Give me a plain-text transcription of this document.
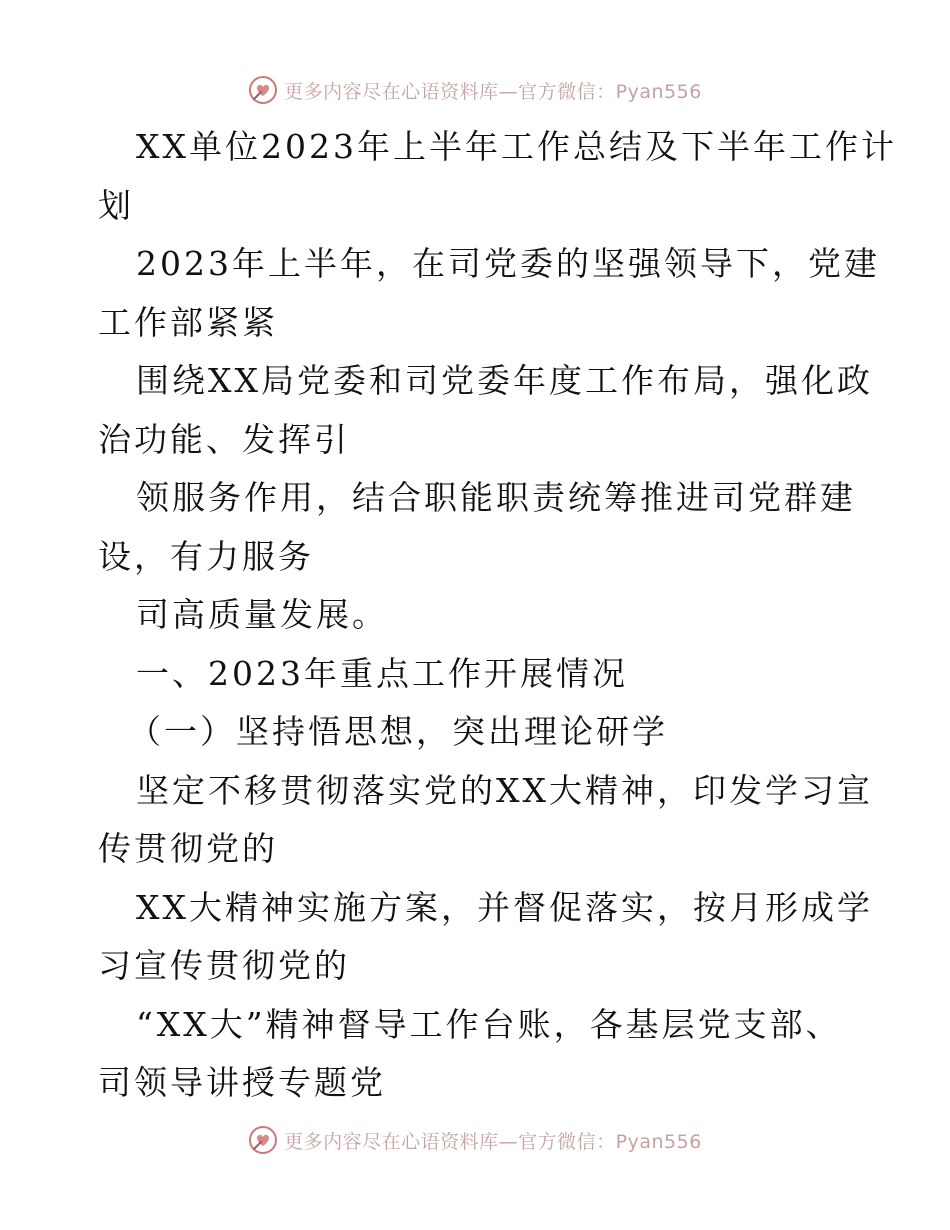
更多内容尽在心语资料库—官方微信：Pyan556
XX单位2023年上半年工作总结及下半年工作计
划
2023年上半年，在司党委的坚强领导下，党建
工作部紧紧
围绕XX局党委和司党委年度工作布局，强化政
治功能、发挥引
领服务作用，结合职能职责统筹推进司党群建
设，有力服务
司高质量发展。
一、2023年重点工作开展情况
（一）坚持悟思想，突出理论研学
坚定不移贯彻落实党的XX大精神，印发学习宣
传贯彻党的
XX大精神实施方案，并督促落实，按月形成学
习宣传贯彻党的
“XX大”精神督导工作台账，各基层党支部、
司领导讲授专题党
更多内容尽在心语资料库—官方微信：Pyan556
